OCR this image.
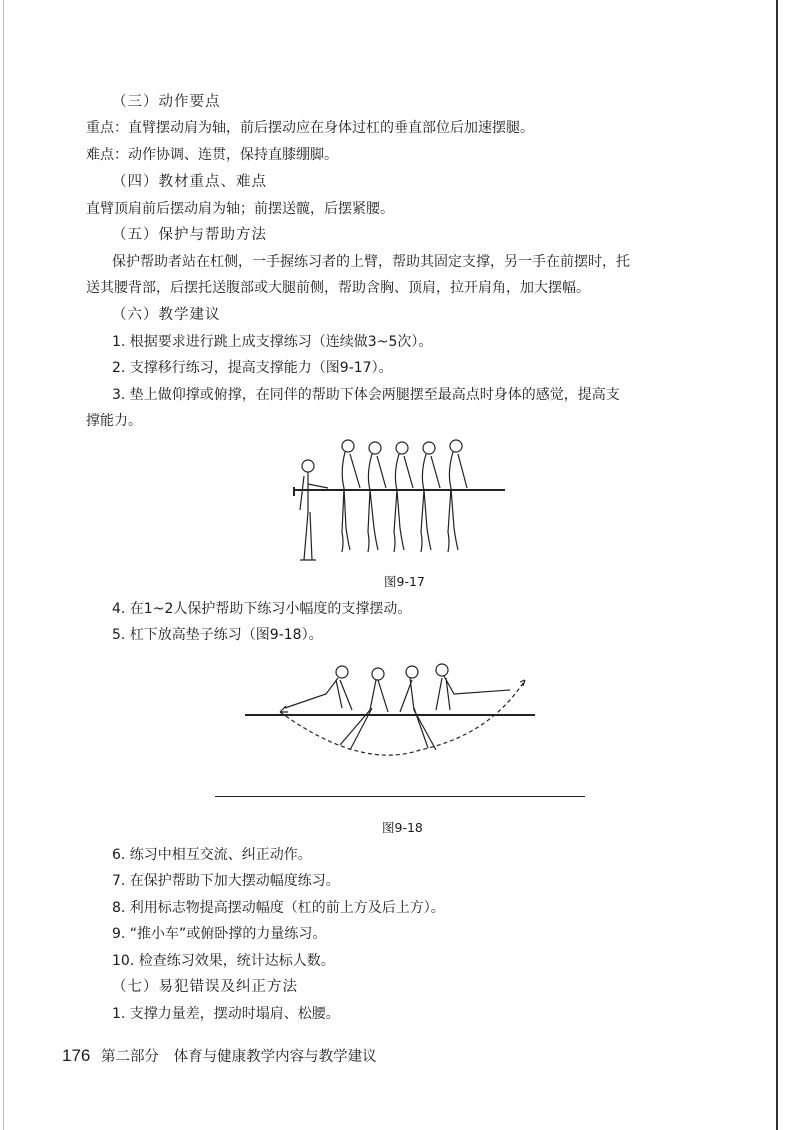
（三）动作要点
重点：直臂摆动肩为轴，前后摆动应在身体过杠的垂直部位后加速摆腿。
难点：动作协调、连贯，保持直膝绷脚。
（四）教材重点、难点
直臂顶肩前后摆动肩为轴；前摆送髋，后摆紧腰。
（五）保护与帮助方法
保护帮助者站在杠侧，一手握练习者的上臂，帮助其固定支撑，另一手在前摆时，托
送其腰背部，后摆托送腹部或大腿前侧，帮助含胸、顶肩，拉开肩角，加大摆幅。
（六）教学建议
1. 根据要求进行跳上成支撑练习（连续做3~5次）。
2. 支撑移行练习，提高支撑能力（图9-17）。
3. 垫上做仰撑或俯撑，在同伴的帮助下体会两腿摆至最高点时身体的感觉，提高支
撑能力。
图9-17
4. 在1~2人保护帮助下练习小幅度的支撑摆动。
5. 杠下放高垫子练习（图9-18）。
图9-18
6. 练习中相互交流、纠正动作。
7. 在保护帮助下加大摆动幅度练习。
8. 利用标志物提高摆动幅度（杠的前上方及后上方）。
9. “推小车”或俯卧撑的力量练习。
10. 检查练习效果，统计达标人数。
（七）易犯错误及纠正方法
1. 支撑力量差，摆动时塌肩、松腰。
176 第二部分 体育与健康教学内容与教学建议
